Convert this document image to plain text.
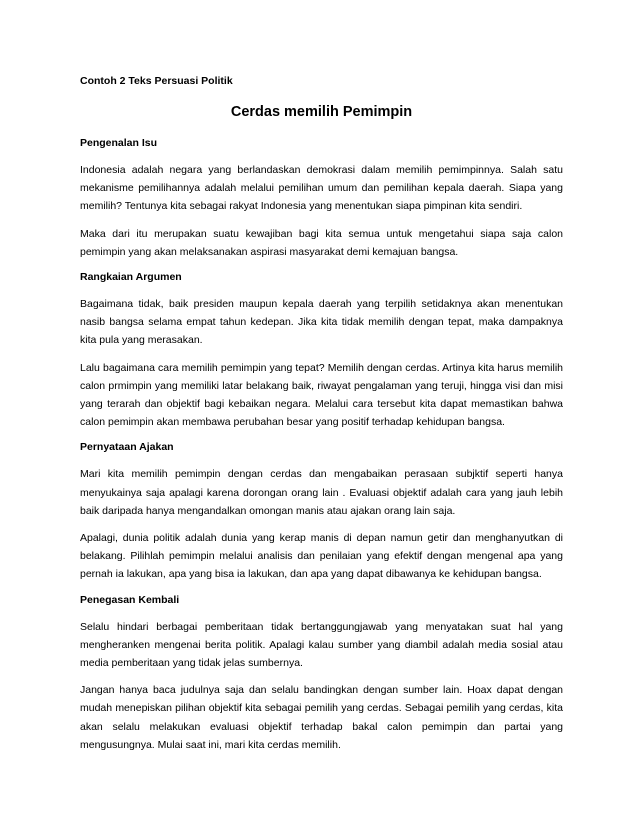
Contoh 2 Teks Persuasi Politik
Cerdas memilih Pemimpin
Pengenalan Isu

Indonesia adalah negara yang berlandaskan demokrasi dalam memilih pemimpinnya. Salah satu mekanisme pemilihannya adalah melalui pemilihan umum dan pemilihan kepala daerah. Siapa yang memilih? Tentunya kita sebagai rakyat Indonesia yang menentukan siapa pimpinan kita sendiri.

Maka dari itu merupakan suatu kewajiban bagi kita semua untuk mengetahui siapa saja calon pemimpin yang akan melaksanakan aspirasi masyarakat demi kemajuan bangsa.

Rangkaian Argumen

Bagaimana tidak, baik presiden maupun kepala daerah yang terpilih setidaknya akan menentukan nasib bangsa selama empat tahun kedepan. Jika kita tidak memilih dengan tepat, maka dampaknya kita pula yang merasakan.

Lalu bagaimana cara memilih pemimpin yang tepat? Memilih dengan cerdas. Artinya kita harus memilih calon prmimpin yang memiliki latar belakang baik, riwayat pengalaman yang teruji, hingga visi dan misi yang terarah dan objektif bagi kebaikan negara. Melalui cara tersebut kita dapat memastikan bahwa calon pemimpin akan membawa perubahan besar yang positif terhadap kehidupan bangsa.

Pernyataan Ajakan

Mari kita memilih pemimpin dengan cerdas dan mengabaikan perasaan subjktif seperti hanya menyukainya saja apalagi karena dorongan orang lain . Evaluasi objektif adalah cara yang jauh lebih baik daripada hanya mengandalkan omongan manis atau ajakan orang lain saja.

Apalagi, dunia politik adalah dunia yang kerap manis di depan namun getir dan menghanyutkan di belakang. Pilihlah pemimpin melalui analisis dan penilaian yang efektif dengan mengenal apa yang pernah ia lakukan, apa yang bisa ia lakukan, dan apa yang dapat dibawanya ke kehidupan bangsa.

Penegasan Kembali

Selalu hindari berbagai pemberitaan tidak bertanggungjawab yang menyatakan suat hal yang mengheranken mengenai berita politik. Apalagi kalau sumber yang diambil adalah media sosial atau media pemberitaan yang tidak jelas sumbernya.

Jangan hanya baca judulnya saja dan selalu bandingkan dengan sumber lain. Hoax dapat dengan mudah menepiskan pilihan objektif kita sebagai pemilih yang cerdas. Sebagai pemilih yang cerdas, kita akan selalu melakukan evaluasi objektif terhadap bakal calon pemimpin dan partai yang mengusungnya. Mulai saat ini, mari kita cerdas memilih.
